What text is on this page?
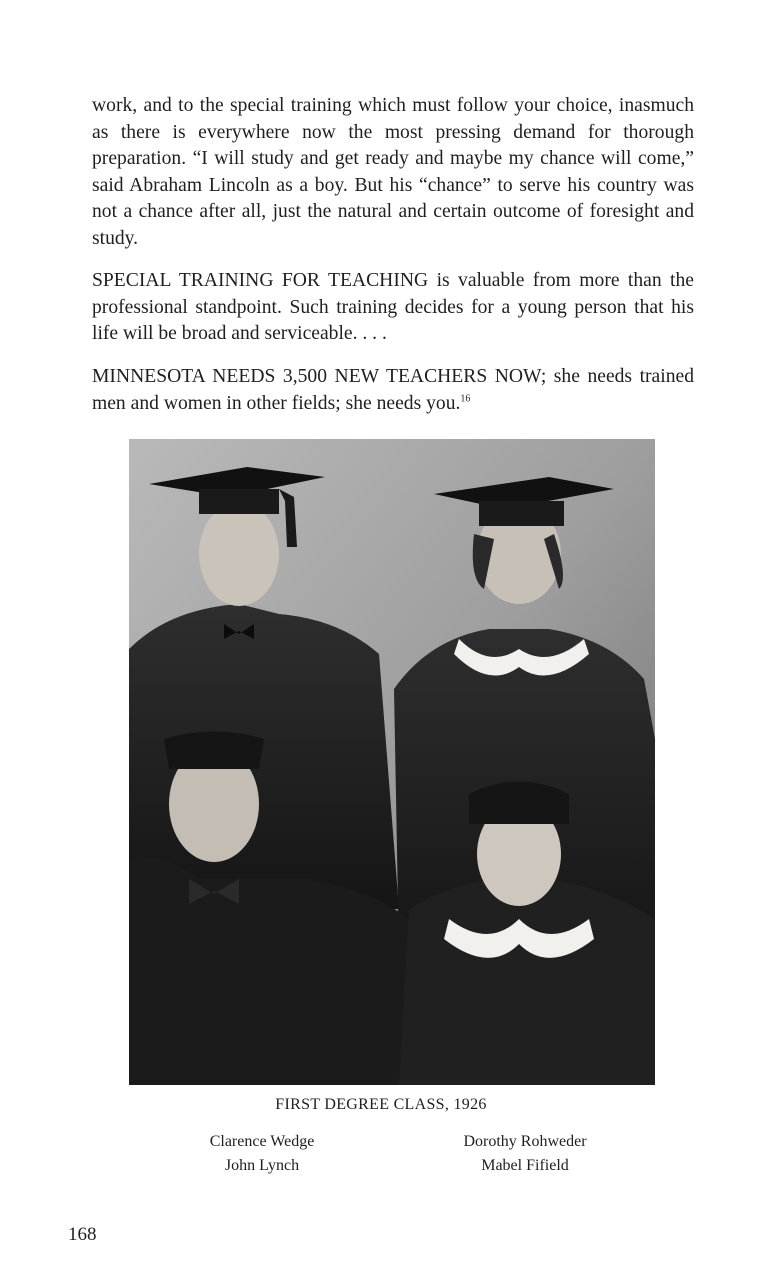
work, and to the special training which must follow your choice, inasmuch as there is everywhere now the most pressing demand for thorough preparation. “I will study and get ready and maybe my chance will come,” said Abraham Lincoln as a boy. But his “chance” to serve his country was not a chance after all, just the natural and certain outcome of foresight and study.

SPECIAL TRAINING FOR TEACHING is valuable from more than the professional standpoint. Such training decides for a young person that his life will be broad and serviceable. . . .

MINNESOTA NEEDS 3,500 NEW TEACHERS NOW; she needs trained men and women in other fields; she needs you.$^{16}$

FIRST DEGREE CLASS, 1926
Clarence Wedge
John Lynch
Dorothy Rohweder
Mabel Fifield
168
